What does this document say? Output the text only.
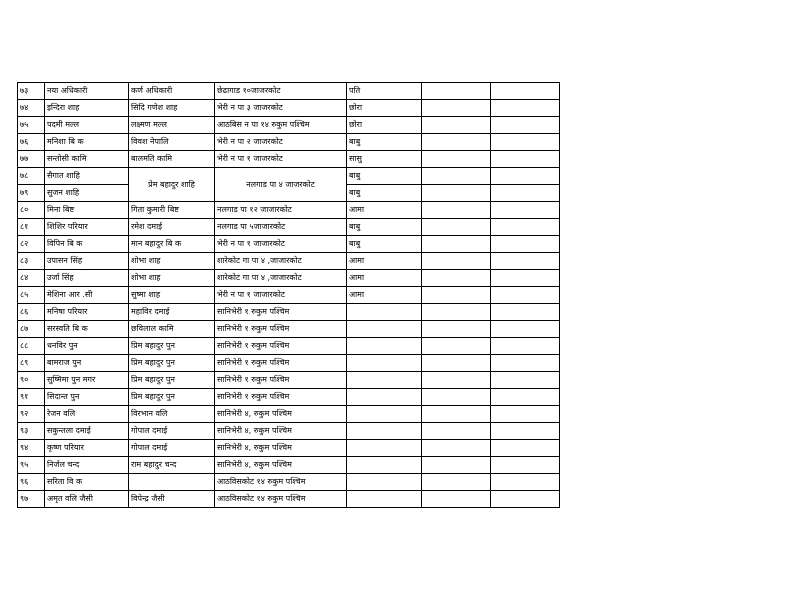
७३	नया अधिकारी	कर्ण अधिकारी	छेढागाड १०जाजरकोट	पति		
७४	इन्दिरा शाह	सिदि गणेश शाह	भेरी न पा ३ जाजरकोट	छोरा		
७५	पदमी मल्ल	लक्ष्मण मल्ल	आठबिस न पा १४ रुकुम पश्चिम	छोरा		
७६	मनिशा बि क	विवश नेपालि	भेरी न पा २ जाजरकोट	बाबु		
७७	सन्तोसी कामि	बालमति कामि	भेरी न पा १ जाजरकोट	सासु		
७८	सैगात शाहि	प्रेम बहादुर शाहि	नलगाड पा ४ जाजरकोट	बाबु		
७९	सुजन शाहि			बाबु		
८०	मिना बिष्ट	गिता कुमारी बिष्ट	नलगाड पा १२ जाजारकोट	आमा		
८१	शिशिर परियार	रमेश दमाई	नलगाड पा ५जाजारकोट	बाबु		
८२	विपिन बि क	मान बहादुर बि क	भेरी न पा १ जाजारकोट	बाबु		
८३	उपासन सिंह	शोभा शाह	शारेकोट गा पा ४ ,जाजारकोट	आमा		
८४	उर्जा सिंह	शोभा शाह	शारेकोट गा पा ४ ,जाजारकोट	आमा		
८५	मेशिना आर .सी	सुष्मा शाह	भेरी न पा १ जाजारकोट	आमा		
८६	मनिषा परियार	महाविर दमाई	सानिभेरी १ रुकुम पश्चिम			
८७	सरस्वति बि क	छविलाल कामि	सानिभेरी १ रुकुम पश्चिम			
८८	धनविर पुन	प्रिम बहादुर पुन	सानिभेरी १ रुकुम पश्चिम			
८९	बामराज पुन	प्रिम बहादुर पुन	सानिभेरी १ रुकुम पश्चिम			
९०	सुष्मिमा पुन मगर	प्रिम बहादुर पुन	सानिभेरी १ रुकुम पश्चिम			
९१	सिदान्त पुन	प्रिम बहादुर पुन	सानिभेरी १ रुकुम पश्चिम			
९२	रेजन वलि	विरभान वलि	सानिभेरी ४, रुकुम पश्चिम			
९३	सकुन्तला दमाई	गोपाल दमाई	सानिभेरी ४, रुकुम पश्चिम			
९४	कृष्ण परियार	गोपाल दमाई	सानिभेरी ४, रुकुम पश्चिम			
९५	निर्जल चन्द	राम बहादुर चन्द	सानिभेरी ४, रुकुम पश्चिम			
९६	सरिता वि क		आठविसकोट १४ रुकुम पश्चिम			
९७	अमृत वलि जैसी	विपेन्द्र जैसी	आठविसकोट १४ रुकुम पश्चिम			
